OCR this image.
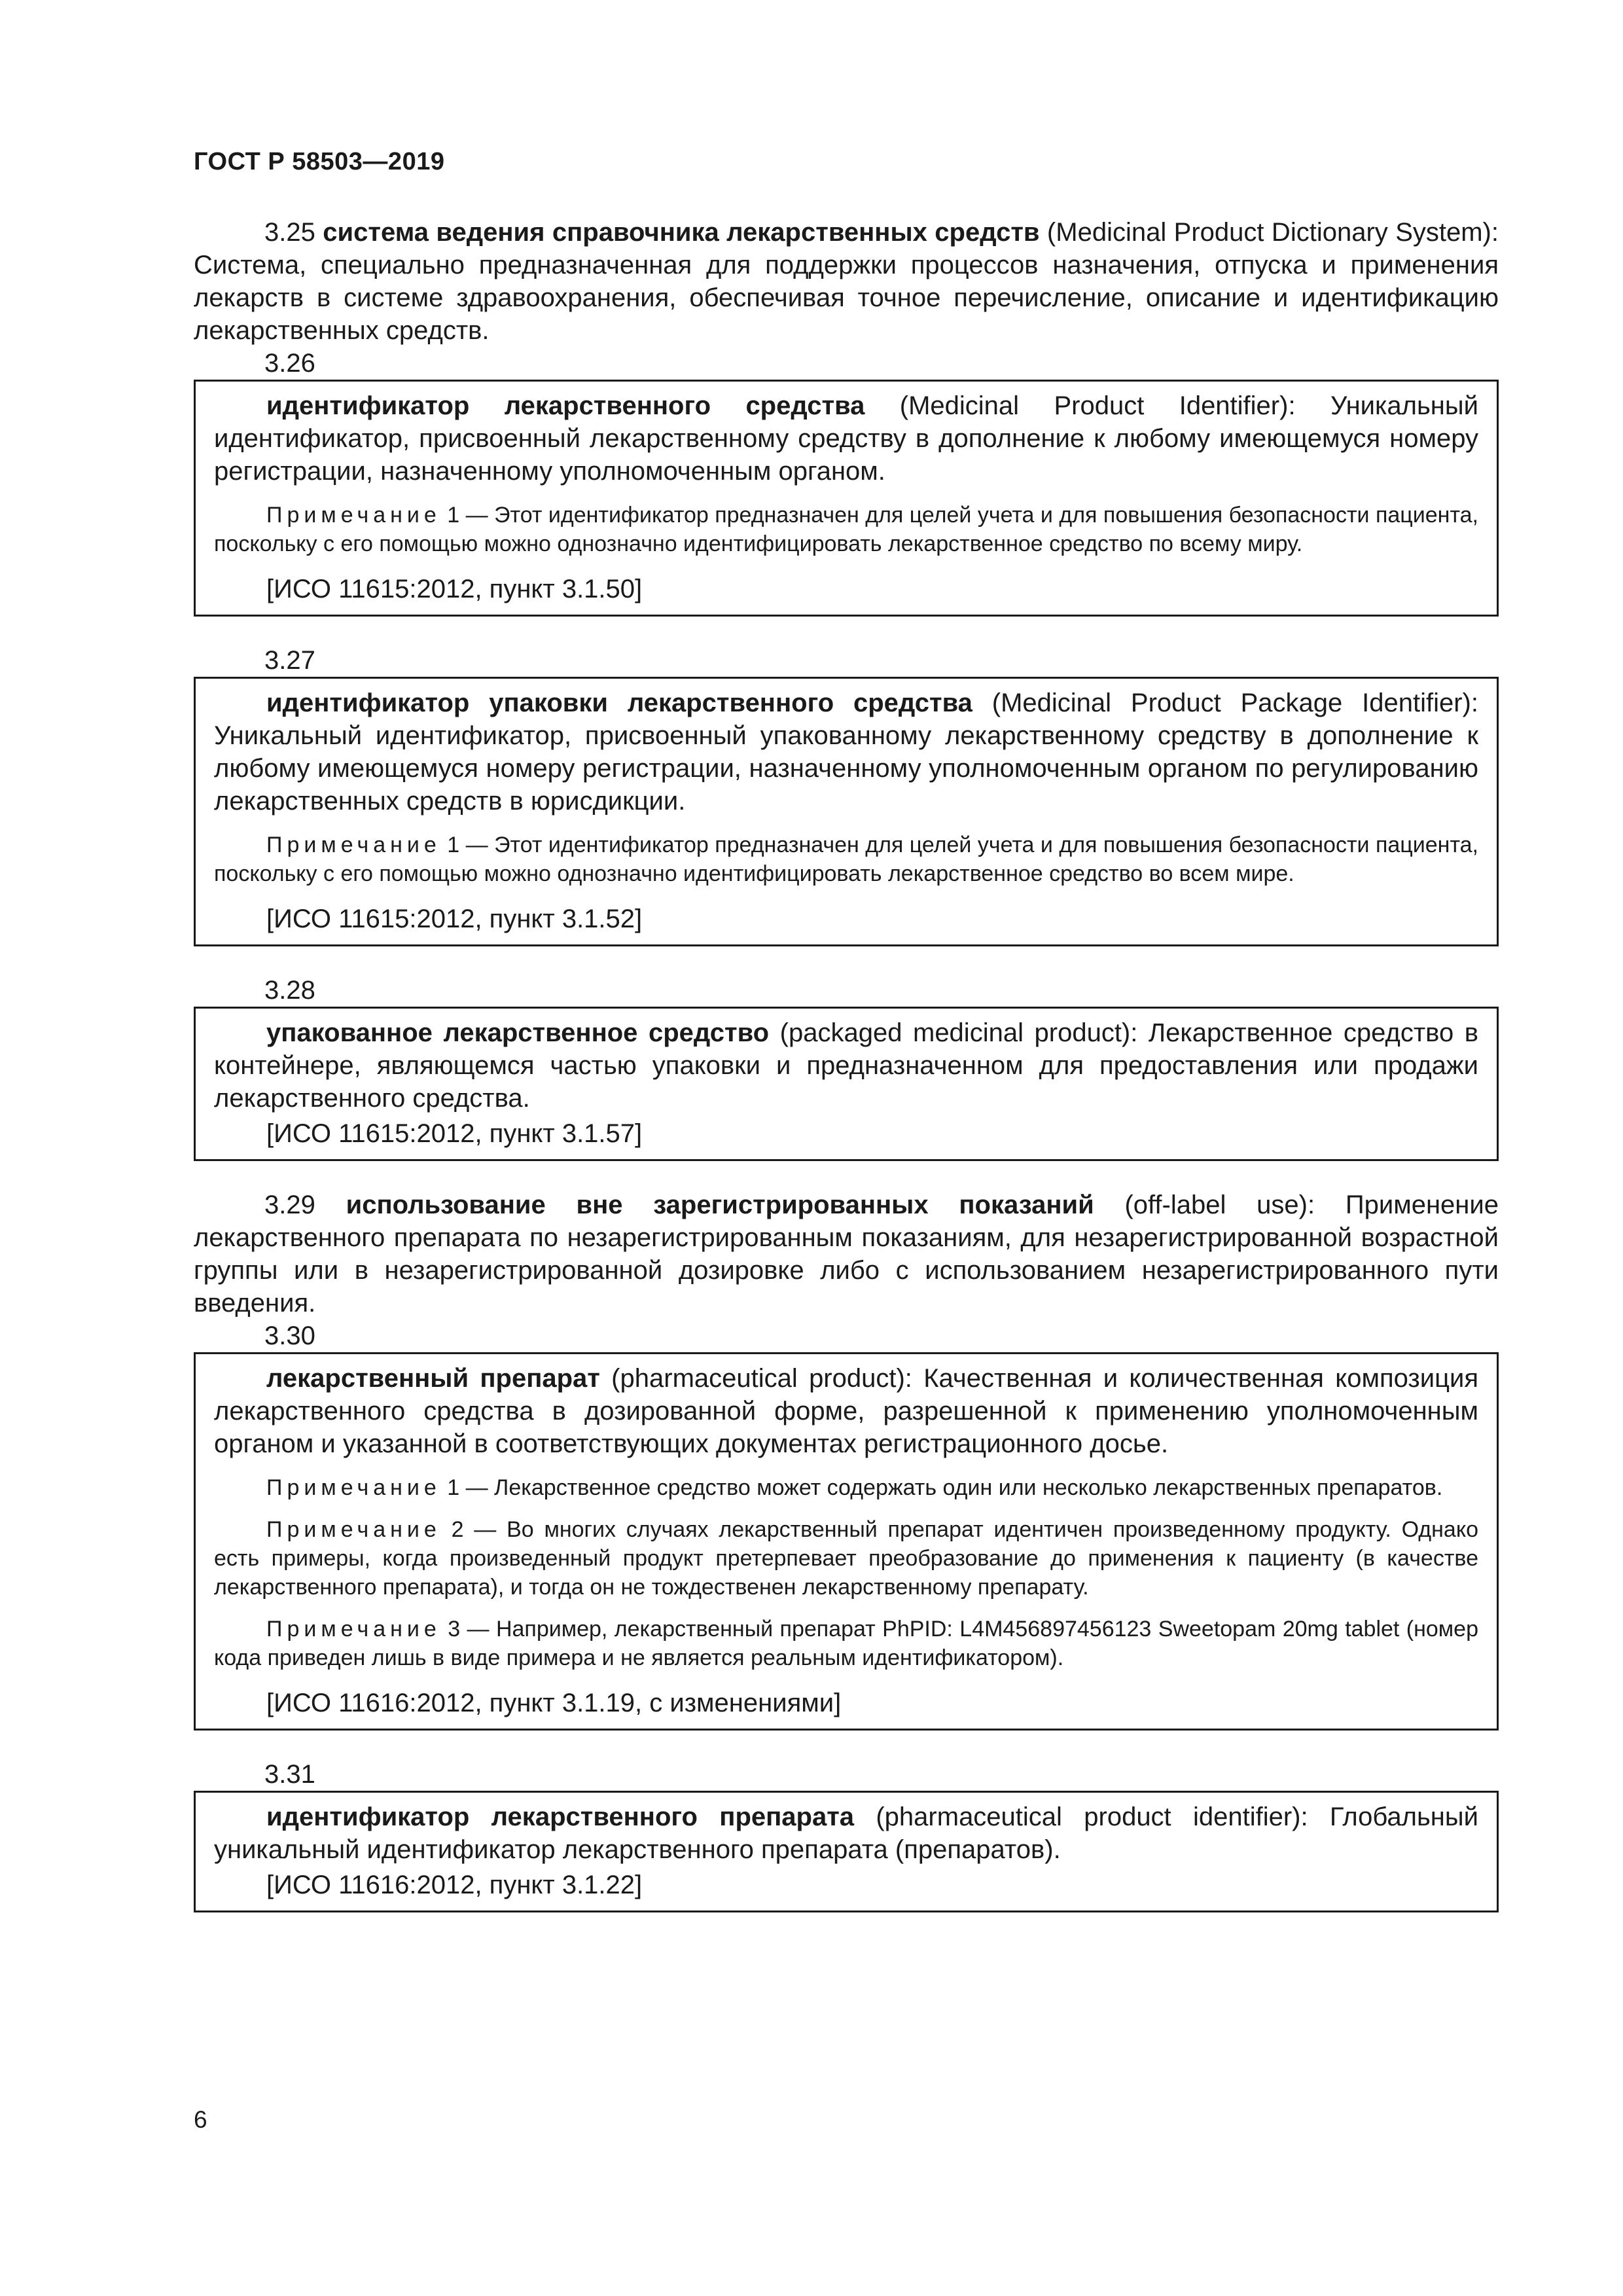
ГОСТ Р 58503—2019

3.25 система ведения справочника лекарственных средств (Medicinal Product Dictionary System): Система, специально предназначенная для поддержки процессов назначения, отпуска и применения лекарств в системе здравоохранения, обеспечивая точное перечисление, описание и идентификацию лекарственных средств.

3.26

идентификатор лекарственного средства (Medicinal Product Identifier): Уникальный идентификатор, присвоенный лекарственному средству в дополнение к любому имеющемуся номеру регистрации, назначенному уполномоченным органом.

Примечание 1 — Этот идентификатор предназначен для целей учета и для повышения безопасности пациента, поскольку с его помощью можно однозначно идентифицировать лекарственное средство по всему миру.

[ИСО 11615:2012, пункт 3.1.50]

3.27

идентификатор упаковки лекарственного средства (Medicinal Product Package Identifier): Уникальный идентификатор, присвоенный упакованному лекарственному средству в дополнение к любому имеющемуся номеру регистрации, назначенному уполномоченным органом по регулированию лекарственных средств в юрисдикции.

Примечание 1 — Этот идентификатор предназначен для целей учета и для повышения безопасности пациента, поскольку с его помощью можно однозначно идентифицировать лекарственное средство во всем мире.

[ИСО 11615:2012, пункт 3.1.52]

3.28

упакованное лекарственное средство (packaged medicinal product): Лекарственное средство в контейнере, являющемся частью упаковки и предназначенном для предоставления или продажи лекарственного средства.

[ИСО 11615:2012, пункт 3.1.57]

3.29 использование вне зарегистрированных показаний (off-label use): Применение лекарственного препарата по незарегистрированным показаниям, для незарегистрированной возрастной группы или в незарегистрированной дозировке либо с использованием незарегистрированного пути введения.

3.30

лекарственный препарат (pharmaceutical product): Качественная и количественная композиция лекарственного средства в дозированной форме, разрешенной к применению уполномоченным органом и указанной в соответствующих документах регистрационного досье.

Примечание 1 — Лекарственное средство может содержать один или несколько лекарственных препаратов.

Примечание 2 — Во многих случаях лекарственный препарат идентичен произведенному продукту. Однако есть примеры, когда произведенный продукт претерпевает преобразование до применения к пациенту (в качестве лекарственного препарата), и тогда он не тождественен лекарственному препарату.

Примечание 3 — Например, лекарственный препарат PhPID: L4M456897456123 Sweetopam 20mg tablet (номер кода приведен лишь в виде примера и не является реальным идентификатором).

[ИСО 11616:2012, пункт 3.1.19, с изменениями]

3.31

идентификатор лекарственного препарата (pharmaceutical product identifier): Глобальный уникальный идентификатор лекарственного препарата (препаратов).

[ИСО 11616:2012, пункт 3.1.22]

6
